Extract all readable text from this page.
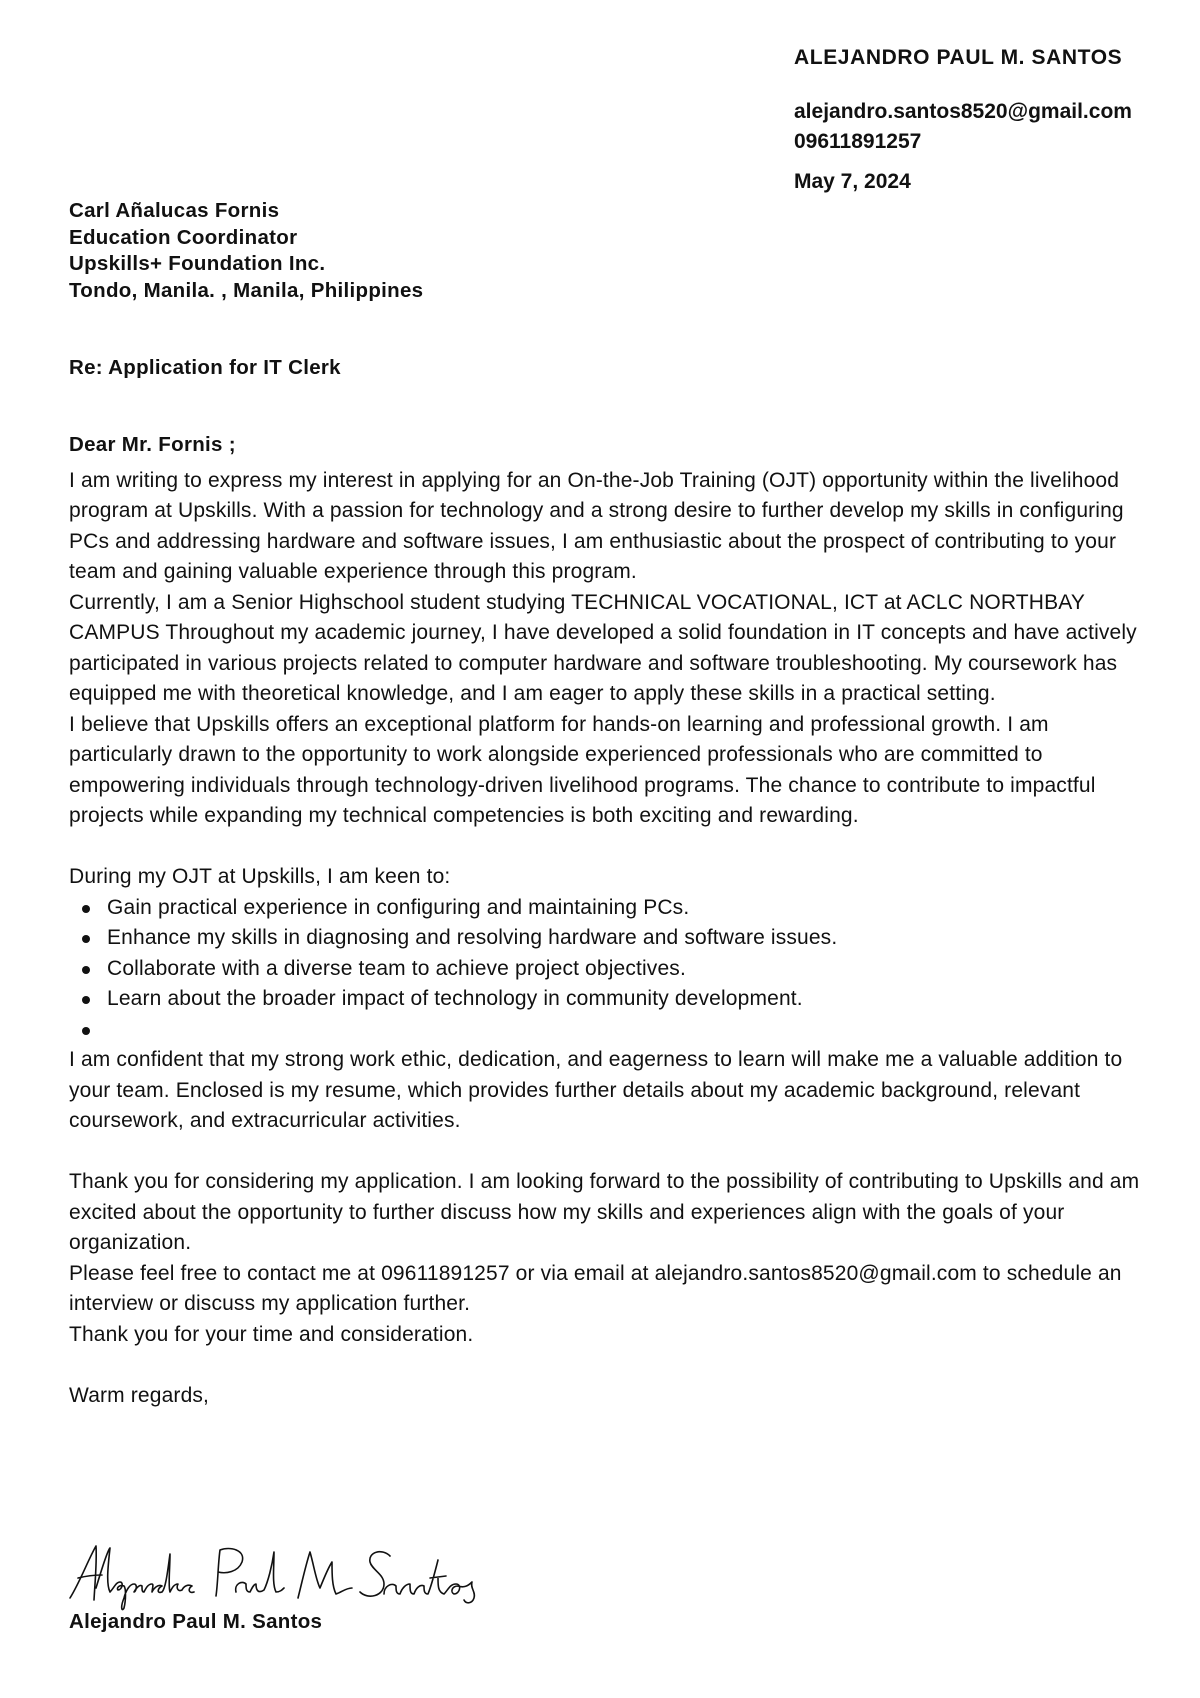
ALEJANDRO PAUL M. SANTOS
alejandro.santos8520@gmail.com
09611891257
May 7, 2024
Carl Añalucas Fornis
Education Coordinator
Upskills+ Foundation Inc.
Tondo, Manila. , Manila, Philippines
Re: Application for IT Clerk
Dear Mr. Fornis ;

I am writing to express my interest in applying for an On-the-Job Training (OJT) opportunity within the livelihood program at Upskills. With a passion for technology and a strong desire to further develop my skills in configuring PCs and addressing hardware and software issues, I am enthusiastic about the prospect of contributing to your team and gaining valuable experience through this program.

Currently, I am a Senior Highschool student studying TECHNICAL VOCATIONAL, ICT at ACLC NORTHBAY CAMPUS Throughout my academic journey, I have developed a solid foundation in IT concepts and have actively participated in various projects related to computer hardware and software troubleshooting. My coursework has equipped me with theoretical knowledge, and I am eager to apply these skills in a practical setting.

I believe that Upskills offers an exceptional platform for hands-on learning and professional growth. I am particularly drawn to the opportunity to work alongside experienced professionals who are committed to empowering individuals through technology-driven livelihood programs. The chance to contribute to impactful projects while expanding my technical competencies is both exciting and rewarding.

During my OJT at Upskills, I am keen to:

Gain practical experience in configuring and maintaining PCs.
Enhance my skills in diagnosing and resolving hardware and software issues.
Collaborate with a diverse team to achieve project objectives.
Learn about the broader impact of technology in community development.

I am confident that my strong work ethic, dedication, and eagerness to learn will make me a valuable addition to your team. Enclosed is my resume, which provides further details about my academic background, relevant coursework, and extracurricular activities.

Thank you for considering my application. I am looking forward to the possibility of contributing to Upskills and am excited about the opportunity to further discuss how my skills and experiences align with the goals of your organization.

Please feel free to contact me at 09611891257 or via email at alejandro.santos8520@gmail.com to schedule an interview or discuss my application further.

Thank you for your time and consideration.

Warm regards,

Alejandro Paul M. Santos
